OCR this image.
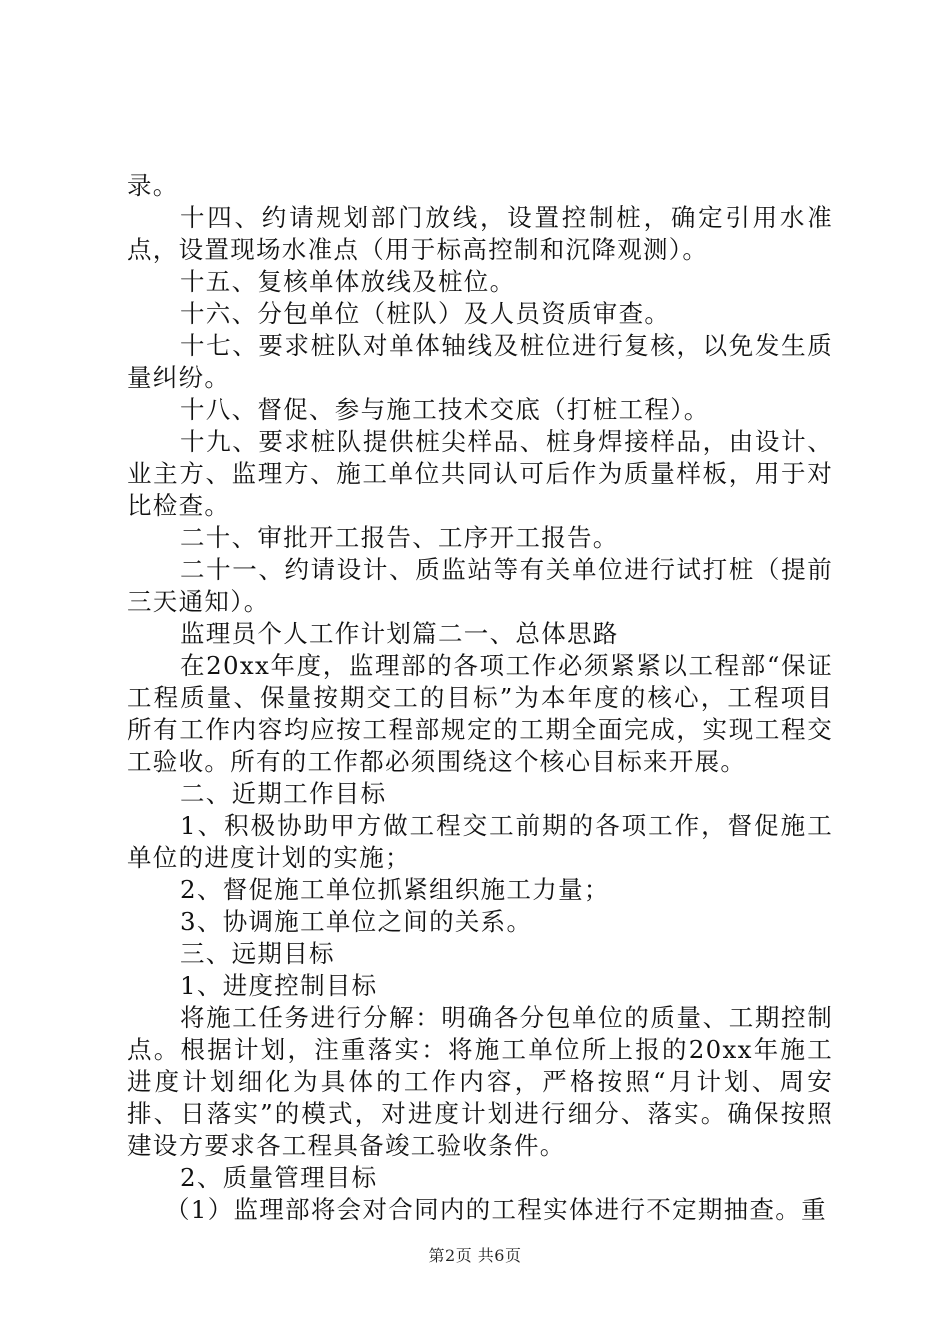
录。

十四、约请规划部门放线，设置控制桩，确定引用水准点，设置现场水准点（用于标高控制和沉降观测）。

十五、复核单体放线及桩位。

十六、分包单位（桩队）及人员资质审查。

十七、要求桩队对单体轴线及桩位进行复核，以免发生质量纠纷。

十八、督促、参与施工技术交底（打桩工程）。

十九、要求桩队提供桩尖样品、桩身焊接样品，由设计、业主方、监理方、施工单位共同认可后作为质量样板，用于对比检查。

二十、审批开工报告、工序开工报告。

二十一、约请设计、质监站等有关单位进行试打桩（提前三天通知）。

监理员个人工作计划篇二一、总体思路

在20xx年度，监理部的各项工作必须紧紧以工程部“保证工程质量、保量按期交工的目标”为本年度的核心，工程项目所有工作内容均应按工程部规定的工期全面完成，实现工程交工验收。所有的工作都必须围绕这个核心目标来开展。

二、近期工作目标

1、积极协助甲方做工程交工前期的各项工作，督促施工单位的进度计划的实施；

2、督促施工单位抓紧组织施工力量；

3、协调施工单位之间的关系。

三、远期目标

1、进度控制目标

将施工任务进行分解：明确各分包单位的质量、工期控制点。根据计划，注重落实：将施工单位所上报的20xx年施工进度计划细化为具体的工作内容，严格按照“月计划、周安排、日落实”的模式，对进度计划进行细分、落实。确保按照建设方要求各工程具备竣工验收条件。

2、质量管理目标

（1）监理部将会对合同内的工程实体进行不定期抽查。重

第2页 共6页
